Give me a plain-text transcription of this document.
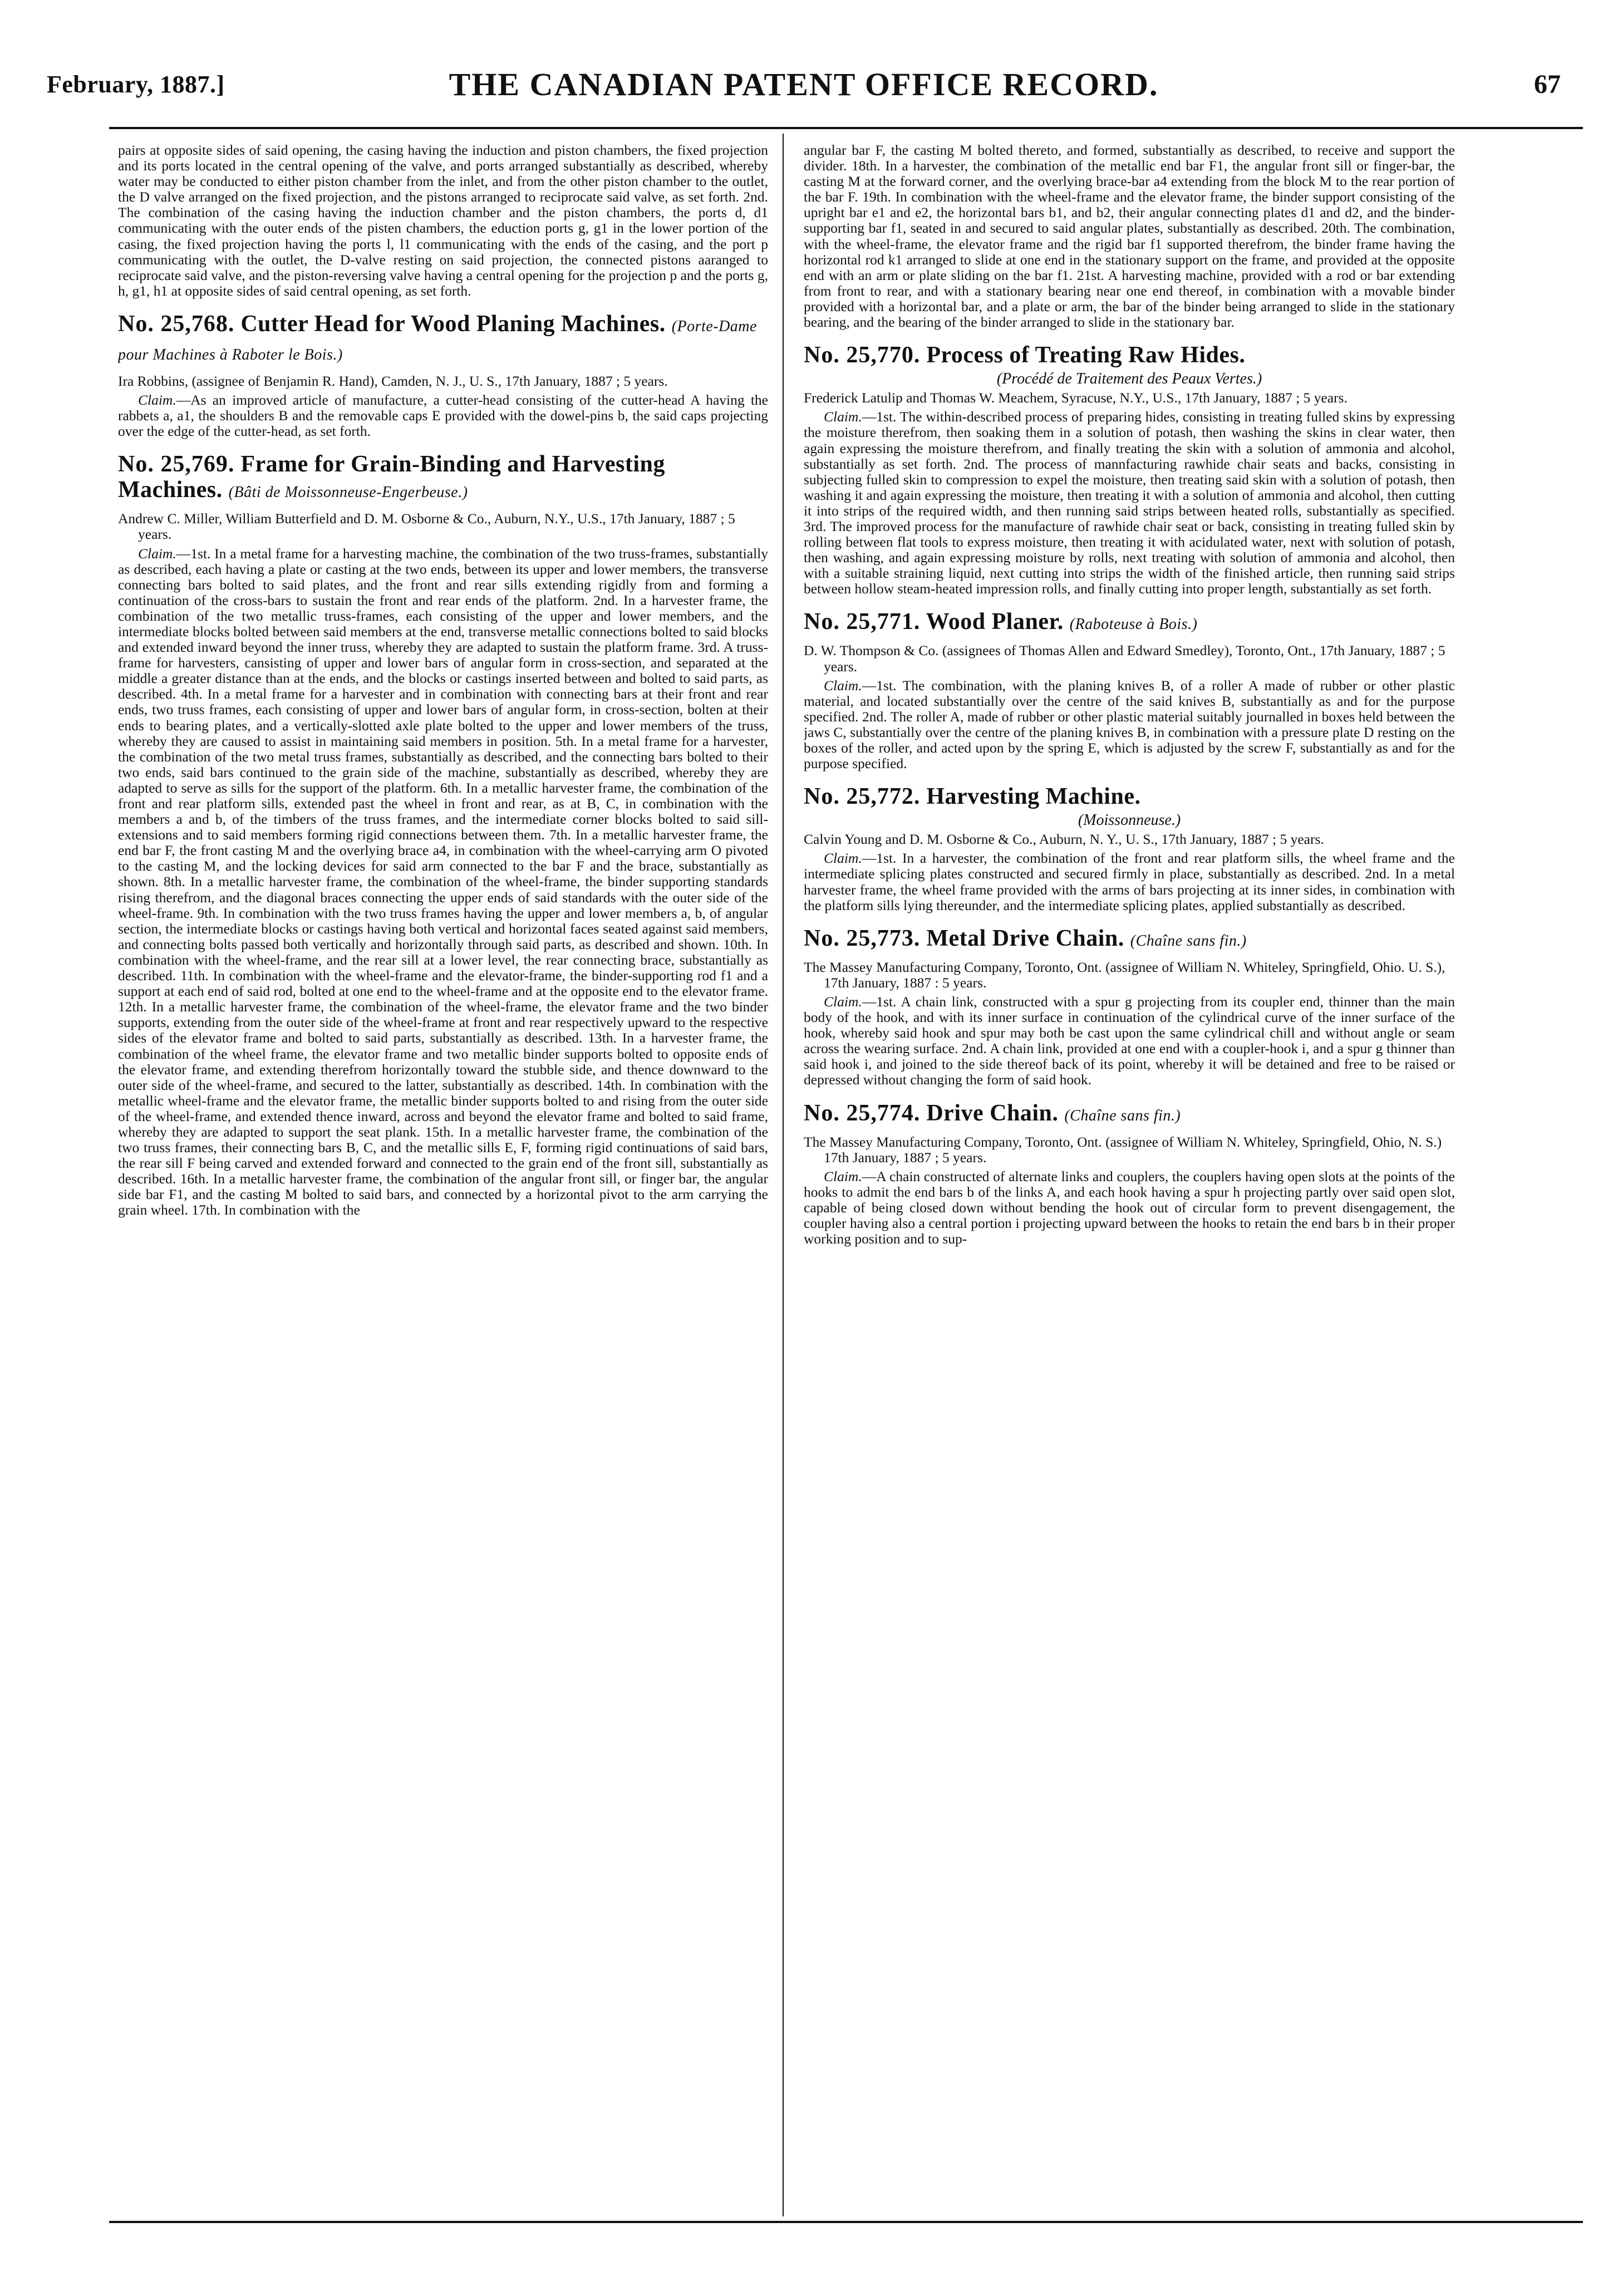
February, 1887.]	THE CANADIAN PATENT OFFICE RECORD.	67

pairs at opposite sides of said opening, the casing having the induction and piston chambers, the fixed projection and its ports located in the central opening of the valve, and ports arranged substantially as described, whereby water may be conducted to either piston chamber from the inlet, and from the other piston chamber to the outlet, the D valve arranged on the fixed projection, and the pistons arranged to reciprocate said valve, as set forth. 2nd. The combination of the casing having the induction chamber and the piston chambers, the ports d, d1 communicating with the outer ends of the pisten chambers, the eduction ports g, g1 in the lower portion of the casing, the fixed projection having the ports l, l1 communicating with the ends of the casing, and the port p communicating with the outlet, the D-valve resting on said projection, the connected pistons aaranged to reciprocate said valve, and the piston-reversing valve having a central opening for the projection p and the ports g, h, g1, h1 at opposite sides of said central opening, as set forth.

No. 25,768. Cutter Head for Wood Planing Machines. (Porte-Dame pour Machines à Raboter le Bois.)

Ira Robbins, (assignee of Benjamin R. Hand), Camden, N. J., U. S., 17th January, 1887 ; 5 years.

Claim.—As an improved article of manufacture, a cutter-head consisting of the cutter-head A having the rabbets a, a1, the shoulders B and the removable caps E provided with the dowel-pins b, the said caps projecting over the edge of the cutter-head, as set forth.

No. 25,769. Frame for Grain-Binding and Harvesting Machines. (Bâti de Moissonneuse-Engerbeuse.)

Andrew C. Miller, William Butterfield and D. M. Osborne & Co., Auburn, N.Y., U.S., 17th January, 1887 ; 5 years.

Claim.—1st. In a metal frame for a harvesting machine, the combination of the two truss-frames, substantially as described, each having a plate or casting at the two ends, between its upper and lower members, the transverse connecting bars bolted to said plates, and the front and rear sills extending rigidly from and forming a continuation of the cross-bars to sustain the front and rear ends of the platform. 2nd. In a harvester frame, the combination of the two metallic truss-frames, each consisting of the upper and lower members, and the intermediate blocks bolted between said members at the end, transverse metallic connections bolted to said blocks and extended inward beyond the inner truss, whereby they are adapted to sustain the platform frame. 3rd. A truss-frame for harvesters, cansisting of upper and lower bars of angular form in cross-section, and separated at the middle a greater distance than at the ends, and the blocks or castings inserted between and bolted to said parts, as described. 4th. In a metal frame for a harvester and in combination with connecting bars at their front and rear ends, two truss frames, each consisting of upper and lower bars of angular form, in cross-section, bolten at their ends to bearing plates, and a vertically-slotted axle plate bolted to the upper and lower members of the truss, whereby they are caused to assist in maintaining said members in position. 5th. In a metal frame for a harvester, the combination of the two metal truss frames, substantially as described, and the connecting bars bolted to their two ends, said bars continued to the grain side of the machine, substantially as described, whereby they are adapted to serve as sills for the support of the platform. 6th. In a metallic harvester frame, the combination of the front and rear platform sills, extended past the wheel in front and rear, as at B, C, in combination with the members a and b, of the timbers of the truss frames, and the intermediate corner blocks bolted to said sill-extensions and to said members forming rigid connections between them. 7th. In a metallic harvester frame, the end bar F, the front casting M and the overlying brace a4, in combination with the wheel-carrying arm O pivoted to the casting M, and the locking devices for said arm connected to the bar F and the brace, substantially as shown. 8th. In a metallic harvester frame, the combination of the wheel-frame, the binder supporting standards rising therefrom, and the diagonal braces connecting the upper ends of said standards with the outer side of the wheel-frame. 9th. In combination with the two truss frames having the upper and lower members a, b, of angular section, the intermediate blocks or castings having both vertical and horizontal faces seated against said members, and connecting bolts passed both vertically and horizontally through said parts, as described and shown. 10th. In combination with the wheel-frame, and the rear sill at a lower level, the rear connecting brace, substantially as described. 11th. In combination with the wheel-frame and the elevator-frame, the binder-supporting rod f1 and a support at each end of said rod, bolted at one end to the wheel-frame and at the opposite end to the elevator frame. 12th. In a metallic harvester frame, the combination of the wheel-frame, the elevator frame and the two binder supports, extending from the outer side of the wheel-frame at front and rear respectively upward to the respective sides of the elevator frame and bolted to said parts, substantially as described. 13th. In a harvester frame, the combination of the wheel frame, the elevator frame and two metallic binder supports bolted to opposite ends of the elevator frame, and extending therefrom horizontally toward the stubble side, and thence downward to the outer side of the wheel-frame, and secured to the latter, substantially as described. 14th. In combination with the metallic wheel-frame and the elevator frame, the metallic binder supports bolted to and rising from the outer side of the wheel-frame, and extended thence inward, across and beyond the elevator frame and bolted to said frame, whereby they are adapted to support the seat plank. 15th. In a metallic harvester frame, the combination of the two truss frames, their connecting bars B, C, and the metallic sills E, F, forming rigid continuations of said bars, the rear sill F being carved and extended forward and connected to the grain end of the front sill, substantially as described. 16th. In a metallic harvester frame, the combination of the angular front sill, or finger bar, the angular side bar F1, and the casting M bolted to said bars, and connected by a horizontal pivot to the arm carrying the grain wheel. 17th. In combination with the

angular bar F, the casting M bolted thereto, and formed, substantially as described, to receive and support the divider. 18th. In a harvester, the combination of the metallic end bar F1, the angular front sill or finger-bar, the casting M at the forward corner, and the overlying brace-bar a4 extending from the block M to the rear portion of the bar F. 19th. In combination with the wheel-frame and the elevator frame, the binder support consisting of the upright bar e1 and e2, the horizontal bars b1, and b2, their angular connecting plates d1 and d2, and the binder-supporting bar f1, seated in and secured to said angular plates, substantially as described. 20th. The combination, with the wheel-frame, the elevator frame and the rigid bar f1 supported therefrom, the binder frame having the horizontal rod k1 arranged to slide at one end in the stationary support on the frame, and provided at the opposite end with an arm or plate sliding on the bar f1. 21st. A harvesting machine, provided with a rod or bar extending from front to rear, and with a stationary bearing near one end thereof, in combination with a movable binder provided with a horizontal bar, and a plate or arm, the bar of the binder being arranged to slide in the stationary bearing, and the bearing of the binder arranged to slide in the stationary bar.

No. 25,770. Process of Treating Raw Hides.
(Procédé de Traitement des Peaux Vertes.)

Frederick Latulip and Thomas W. Meachem, Syracuse, N.Y., U.S., 17th January, 1887 ; 5 years.

Claim.—1st. The within-described process of preparing hides, consisting in treating fulled skins by expressing the moisture therefrom, then soaking them in a solution of potash, then washing the skins in clear water, then again expressing the moisture therefrom, and finally treating the skin with a solution of ammonia and alcohol, substantially as set forth. 2nd. The process of mannfacturing rawhide chair seats and backs, consisting in subjecting fulled skin to compression to expel the moisture, then treating said skin with a solution of potash, then washing it and again expressing the moisture, then treating it with a solution of ammonia and alcohol, then cutting it into strips of the required width, and then running said strips between heated rolls, substantially as specified. 3rd. The improved process for the manufacture of rawhide chair seat or back, consisting in treating fulled skin by rolling between flat tools to express moisture, then treating it with acidulated water, next with solution of potash, then washing, and again expressing moisture by rolls, next treating with solution of ammonia and alcohol, then with a suitable straining liquid, next cutting into strips the width of the finished article, then running said strips between hollow steam-heated impression rolls, and finally cutting into proper length, substantially as set forth.

No. 25,771. Wood Planer. (Raboteuse à Bois.)

D. W. Thompson & Co. (assignees of Thomas Allen and Edward Smedley), Toronto, Ont., 17th January, 1887 ; 5 years.

Claim.—1st. The combination, with the planing knives B, of a roller A made of rubber or other plastic material, and located substantially over the centre of the said knives B, substantially as and for the purpose specified. 2nd. The roller A, made of rubber or other plastic material suitably journalled in boxes held between the jaws C, substantially over the centre of the planing knives B, in combination with a pressure plate D resting on the boxes of the roller, and acted upon by the spring E, which is adjusted by the screw F, substantially as and for the purpose specified.

No. 25,772. Harvesting Machine.
(Moissonneuse.)

Calvin Young and D. M. Osborne & Co., Auburn, N. Y., U. S., 17th January, 1887 ; 5 years.

Claim.—1st. In a harvester, the combination of the front and rear platform sills, the wheel frame and the intermediate splicing plates constructed and secured firmly in place, substantially as described. 2nd. In a metal harvester frame, the wheel frame provided with the arms of bars projecting at its inner sides, in combination with the platform sills lying thereunder, and the intermediate splicing plates, applied substantially as described.

No. 25,773. Metal Drive Chain. (Chaîne sans fin.)

The Massey Manufacturing Company, Toronto, Ont. (assignee of William N. Whiteley, Springfield, Ohio. U. S.), 17th January, 1887 : 5 years.

Claim.—1st. A chain link, constructed with a spur g projecting from its coupler end, thinner than the main body of the hook, and with its inner surface in continuation of the cylindrical curve of the inner surface of the hook, whereby said hook and spur may both be cast upon the same cylindrical chill and without angle or seam across the wearing surface. 2nd. A chain link, provided at one end with a coupler-hook i, and a spur g thinner than said hook i, and joined to the side thereof back of its point, whereby it will be detained and free to be raised or depressed without changing the form of said hook.

No. 25,774. Drive Chain. (Chaîne sans fin.)

The Massey Manufacturing Company, Toronto, Ont. (assignee of William N. Whiteley, Springfield, Ohio, N. S.) 17th January, 1887 ; 5 years.

Claim.—A chain constructed of alternate links and couplers, the couplers having open slots at the points of the hooks to admit the end bars b of the links A, and each hook having a spur h projecting partly over said open slot, capable of being closed down without bending the hook out of circular form to prevent disengagement, the coupler having also a central portion i projecting upward between the hooks to retain the end bars b in their proper working position and to sup-
